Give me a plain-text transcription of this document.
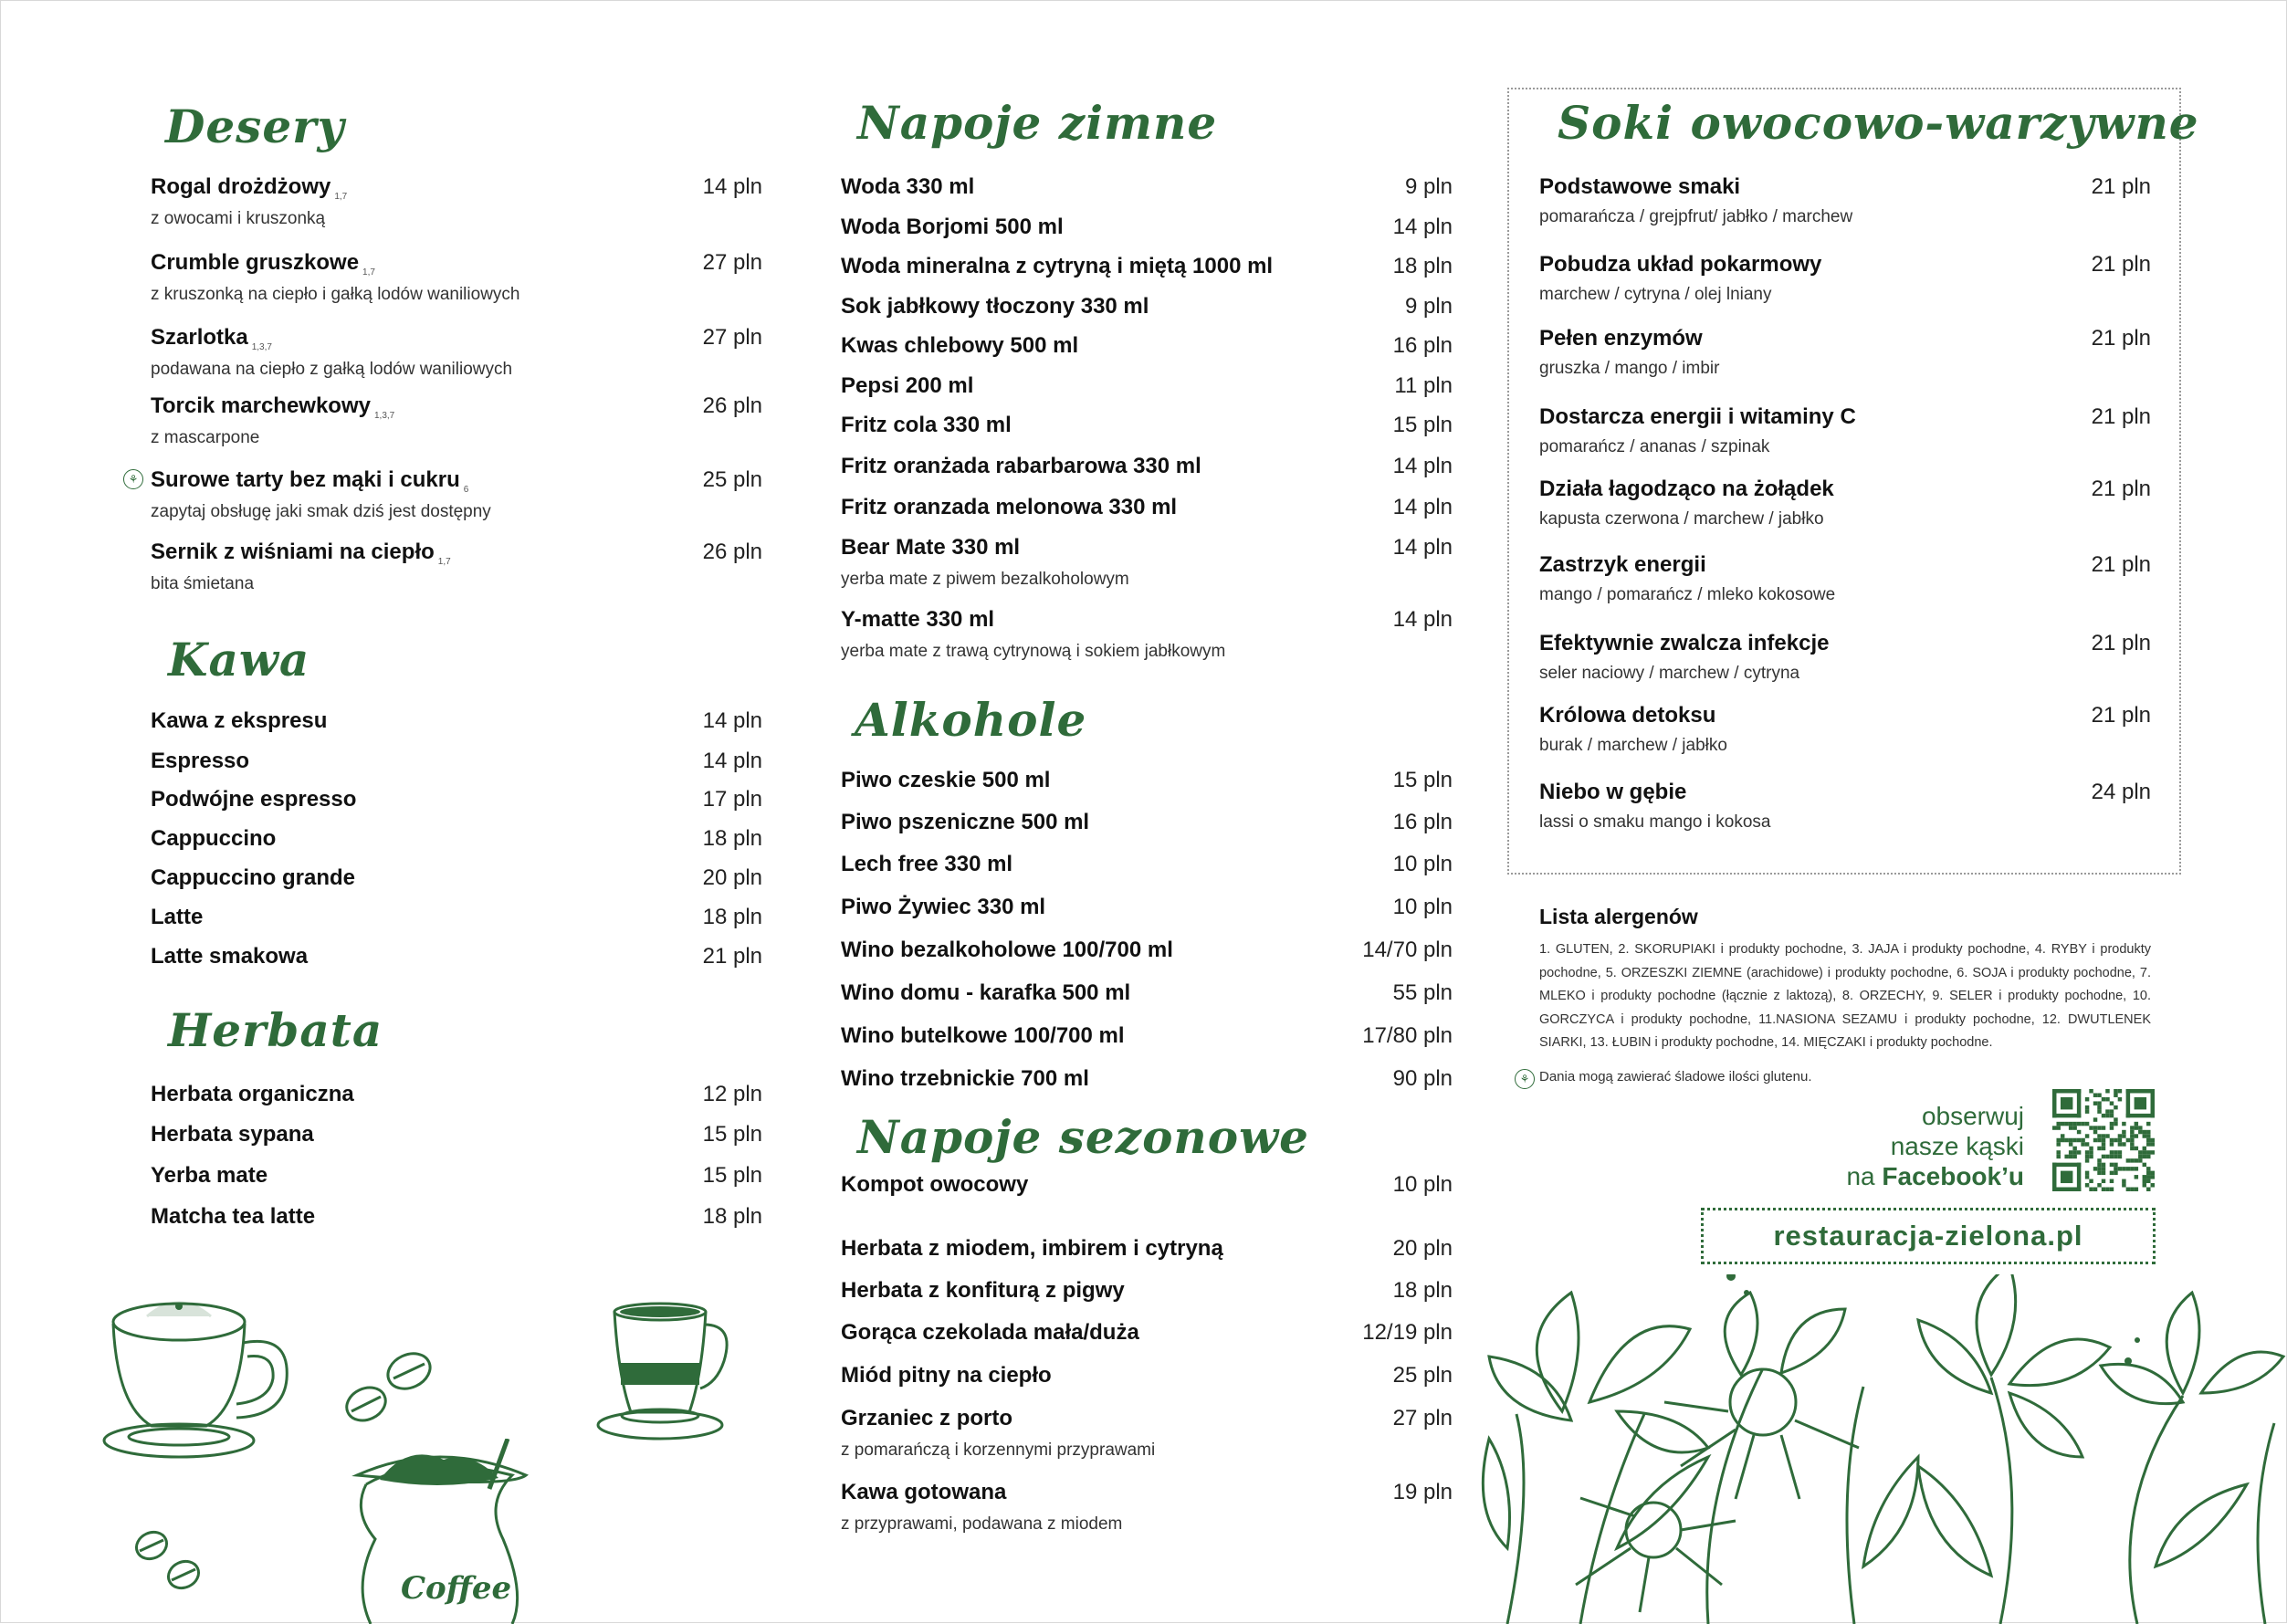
Desery
Rogal drożdżowy $_{1,7}$	14 pln
z owocami i kruszonką
Crumble gruszkowe $_{1,7}$	27 pln
z kruszonką na ciepło i gałką lodów waniliowych
Szarlotka $_{1,3,7}$	27 pln
podawana na ciepło z gałką lodów waniliowych
Torcik marchewkowy $_{1,3,7}$	26 pln
z mascarpone
Surowe tarty bez mąki i cukru $_6$	25 pln
zapytaj obsługę jaki smak dziś jest dostępny
Sernik z wiśniami na ciepło $_{1,7}$	26 pln
bita śmietana
⚘
Kawa
Kawa z ekspresu	14 pln
Espresso	14 pln
Podwójne espresso	17 pln
Cappuccino	18 pln
Cappuccino grande	20 pln
Latte	18 pln
Latte smakowa	21 pln
Herbata
Herbata organiczna	12 pln
Herbata sypana	15 pln
Yerba mate	15 pln
Matcha tea latte	18 pln
Napoje zimne
Woda 330 ml	9 pln
Woda Borjomi 500 ml	14 pln
Woda mineralna z cytryną i miętą 1000 ml	18 pln
Sok jabłkowy tłoczony 330 ml	9 pln
Kwas chlebowy 500 ml	16 pln
Pepsi 200 ml	11 pln
Fritz cola 330 ml	15 pln
Fritz oranżada rabarbarowa 330 ml	14 pln
Fritz oranzada melonowa 330 ml	14 pln
Bear Mate 330 ml	14 pln
yerba mate z piwem bezalkoholowym
Y-matte 330 ml	14 pln
yerba mate z trawą cytrynową i sokiem jabłkowym
Alkohole
Piwo czeskie 500 ml	15 pln
Piwo pszeniczne 500 ml	16 pln
Lech free 330 ml	10 pln
Piwo Żywiec 330 ml	10 pln
Wino bezalkoholowe 100/700 ml	14/70 pln
Wino domu - karafka 500 ml	55 pln
Wino butelkowe 100/700 ml	17/80 pln
Wino trzebnickie 700 ml	90 pln
Napoje sezonowe
Kompot owocowy	10 pln
Herbata z miodem, imbirem i cytryną	20 pln
Herbata z konfiturą z pigwy	18 pln
Gorąca czekolada mała/duża	12/19 pln
Miód pitny na ciepło	25 pln
Grzaniec z porto	27 pln
z pomarańczą i korzennymi przyprawami
Kawa gotowana	19 pln
z przyprawami, podawana z miodem
Soki owocowo-warzywne
Podstawowe smaki	21 pln
pomarańcza / grejpfrut/ jabłko / marchew
Pobudza układ pokarmowy	21 pln
marchew / cytryna / olej lniany
Pełen enzymów	21 pln
gruszka / mango / imbir
Dostarcza energii i witaminy C	21 pln
pomarańcz / ananas / szpinak
Działa łagodząco na żołądek	21 pln
kapusta czerwona / marchew / jabłko
Zastrzyk energii	21 pln
mango / pomarańcz / mleko kokosowe
Efektywnie zwalcza infekcje	21 pln
seler naciowy / marchew / cytryna
Królowa detoksu	21 pln
burak / marchew / jabłko
Niebo w gębie	24 pln
lassi o smaku mango i kokosa
Lista alergenów
1. GLUTEN, 2. SKORUPIAKI i produkty pochodne, 3. JAJA i produkty pochodne, 4. RYBY i produkty pochodne, 5. ORZESZKI ZIEMNE (arachidowe) i produkty pochodne, 6. SOJA i produkty pochodne, 7. MLEKO i produkty pochodne (łącznie z laktozą), 8. ORZECHY, 9. SELER i produkty pochodne, 10. GORCZYCA i produkty pochodne, 11.NASIONA SEZAMU i produkty pochodne, 12. DWUTLENEK SIARKI, 13. ŁUBIN i produkty pochodne, 14. MIĘCZAKI i produkty pochodne.
⚘ Dania mogą zawierać śladowe ilości glutenu.
obserwuj
nasze kąski
na Facebook’u
restauracja-zielona.pl
Coffee
